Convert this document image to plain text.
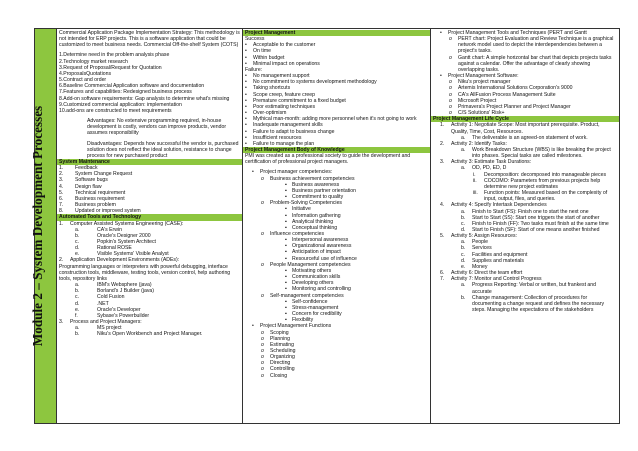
Module 2 – System Development Processes

Commercial Application Package Implementation Strategy: This methodology is not intended for ERP projects. This is a software application that could be customized to meet business needs. Commercial Off-the-shelf System (COTS)

1.Determine need in the problem analysis phase

2.Technology market research

3.Request of Proposal/Request for Quotation

4.ProposalsQuotations

5.Contract and order

6.Baseline Commercial Application software and documentation

7.Features and capabilities: Redesigned business process

8.Add-on software requirements: Gap analysis to determine what's missing

9.Customized commercial application: implementation

10.add-ons are constructed to meet requirements

Advantages: No extensive programming required, in-house development is costly, vendors can improve products, vendor assumes responsibility

Disadvantages: Depends how successful the vendor is, purchased solution does not reflect the ideal solution, resistance to change process for new purchased product

System Maintenance
1.	Feedback
2.	System Change Request
3.	Software bugs
4.	Design flaw
5.	Technical requirement
6.	Business requirement
7.	Business problem
8.	Updated or improved system
Automated Tools and Technology
1.	Computer Assisted Systems Engineering (CASE):
a.	CA's Erwin
b.	Oracle's Designer 2000
c.	Popkin's System Architect
d.	Rational ROSE
e.	Visible Systems' Visible Analyst
2.	Application Development Environments (ADEs):

Programming languages or interpreters with powerful debugging, interface construction tools, middleware, testing tools, version control, help authoring tools, repository links

a.	IBM's Websphere (java)
b.	Borland's J Builder (java)
c.	Cold Fusion
d.	.NET
e.	Oracle's Developer
f.	Sybase's Powerbuilder
3.	Process and Project Managers:
a.	MS project
b.	Niku's Open Workbench and Project Manager.
Project Management

Success

•	Acceptable to the customer
•	On time
•	Within budget
•	Minimal impact on operations

Failure:

•	No management support
•	No commitment to systems development methodology
•	Taking shortcuts
•	Scope creep, feature creep
•	Premature commitment to a fixed budget
•	Poor estimating techniques
•	Over-optimism
•	Mythical man-month: adding more personnel when it's not going to work
•	Inadequate management skills
•	Failure to adapt to business change
•	Insufficient resources
•	Failure to manage the plan
Project Management Body of Knowledge

PMI was created as a professional society to guide the development and certification of professional project managers.

•	Project manager competencies:
o	Business achievement competencies
▪	Business awareness
▪	Business partner orientation
▪	Commitment to quality
o	Problem-Solving Competencies
▪	Initiative
▪	Information gathering
▪	Analytical thinking
▪	Conceptual thinking
o	Influence competencies
▪	Interpersonal awareness
▪	Organizational awareness
▪	Anticipation of impact
▪	Resourceful use of influence
o	People Management competencies
▪	Motivating others
▪	Communication skills
▪	Developing others
▪	Monitoring and controlling
o	Self-management competencies
▪	Self-confidence
▪	Stress-management
▪	Concern for credibility
▪	Flexibility
•	Project Management Functions
o	Scoping
o	Planning
o	Estimating
o	Scheduling
o	Organizing
o	Directing
o	Controlling
o	Closing
•	Project Management Tools and Techniques (PERT and Gantt
o	PERT chart: Project Evaluation and Review Technique is a graphical network model used to depict the interdependencies between a project's tasks.
o	Gantt chart: A simple horizontal bar chart that depicts projects tasks against a calendar. Offer the advantage of clearly showing overlapping tasks.
•	Project Management Software:
o	Niku's project manager
o	Artemis International Solutions Corporation's 9000
o	CA's AllFusion Process Management Suite
o	Microsoft Project
o	Primavera's Project Planner and Project Manager
o	C/S Solutions' Risk+
Project Management Life Cycle
1.	Activity 1: Negotiate Scope: Most important prerequisite. Product, Quality, Time, Cost, Resources.
a.	The deliverable is an agreed-on statement of work.
2.	Activity 2: Identify Tasks:
a.	Work Breakdown Structure (WBS) is like breaking the project into phases. Special tasks are called milestones.
3.	Activity 3: Estimate Task Durations:
a.	OD, PD, ED, D
i.	Decomposition: decomposed into manageable pieces
ii.	COCOMO: Parameters from previous projects help determine new project estimates
iii.	Function points: Measured based on the complexity of input, output, files, and queries.
4.	Activity 4: Specify Intertask Dependencies
a.	Finish to Start (FS): Finish one to start the next one
b.	Start to Start (SS): Start one triggers the start of another
c.	Finish to Finish (FF): Two tasks must finish at the same time
d.	Start to Finish (SF): Start of one means another finished
5.	Activity 5: Assign Resources:
a.	People
b.	Services
c.	Facilities and equipment
d.	Supplies and materials
e.	Money
6.	Activity 6: Direct the team effort
7.	Activity 7: Monitor and Control Progress
a.	Progress Reporting: Verbal or written, but frankest and accurate
b.	Change management: Collection of procedures for documenting a change request and defines the necessary steps. Managing the expectations of the stakeholders
